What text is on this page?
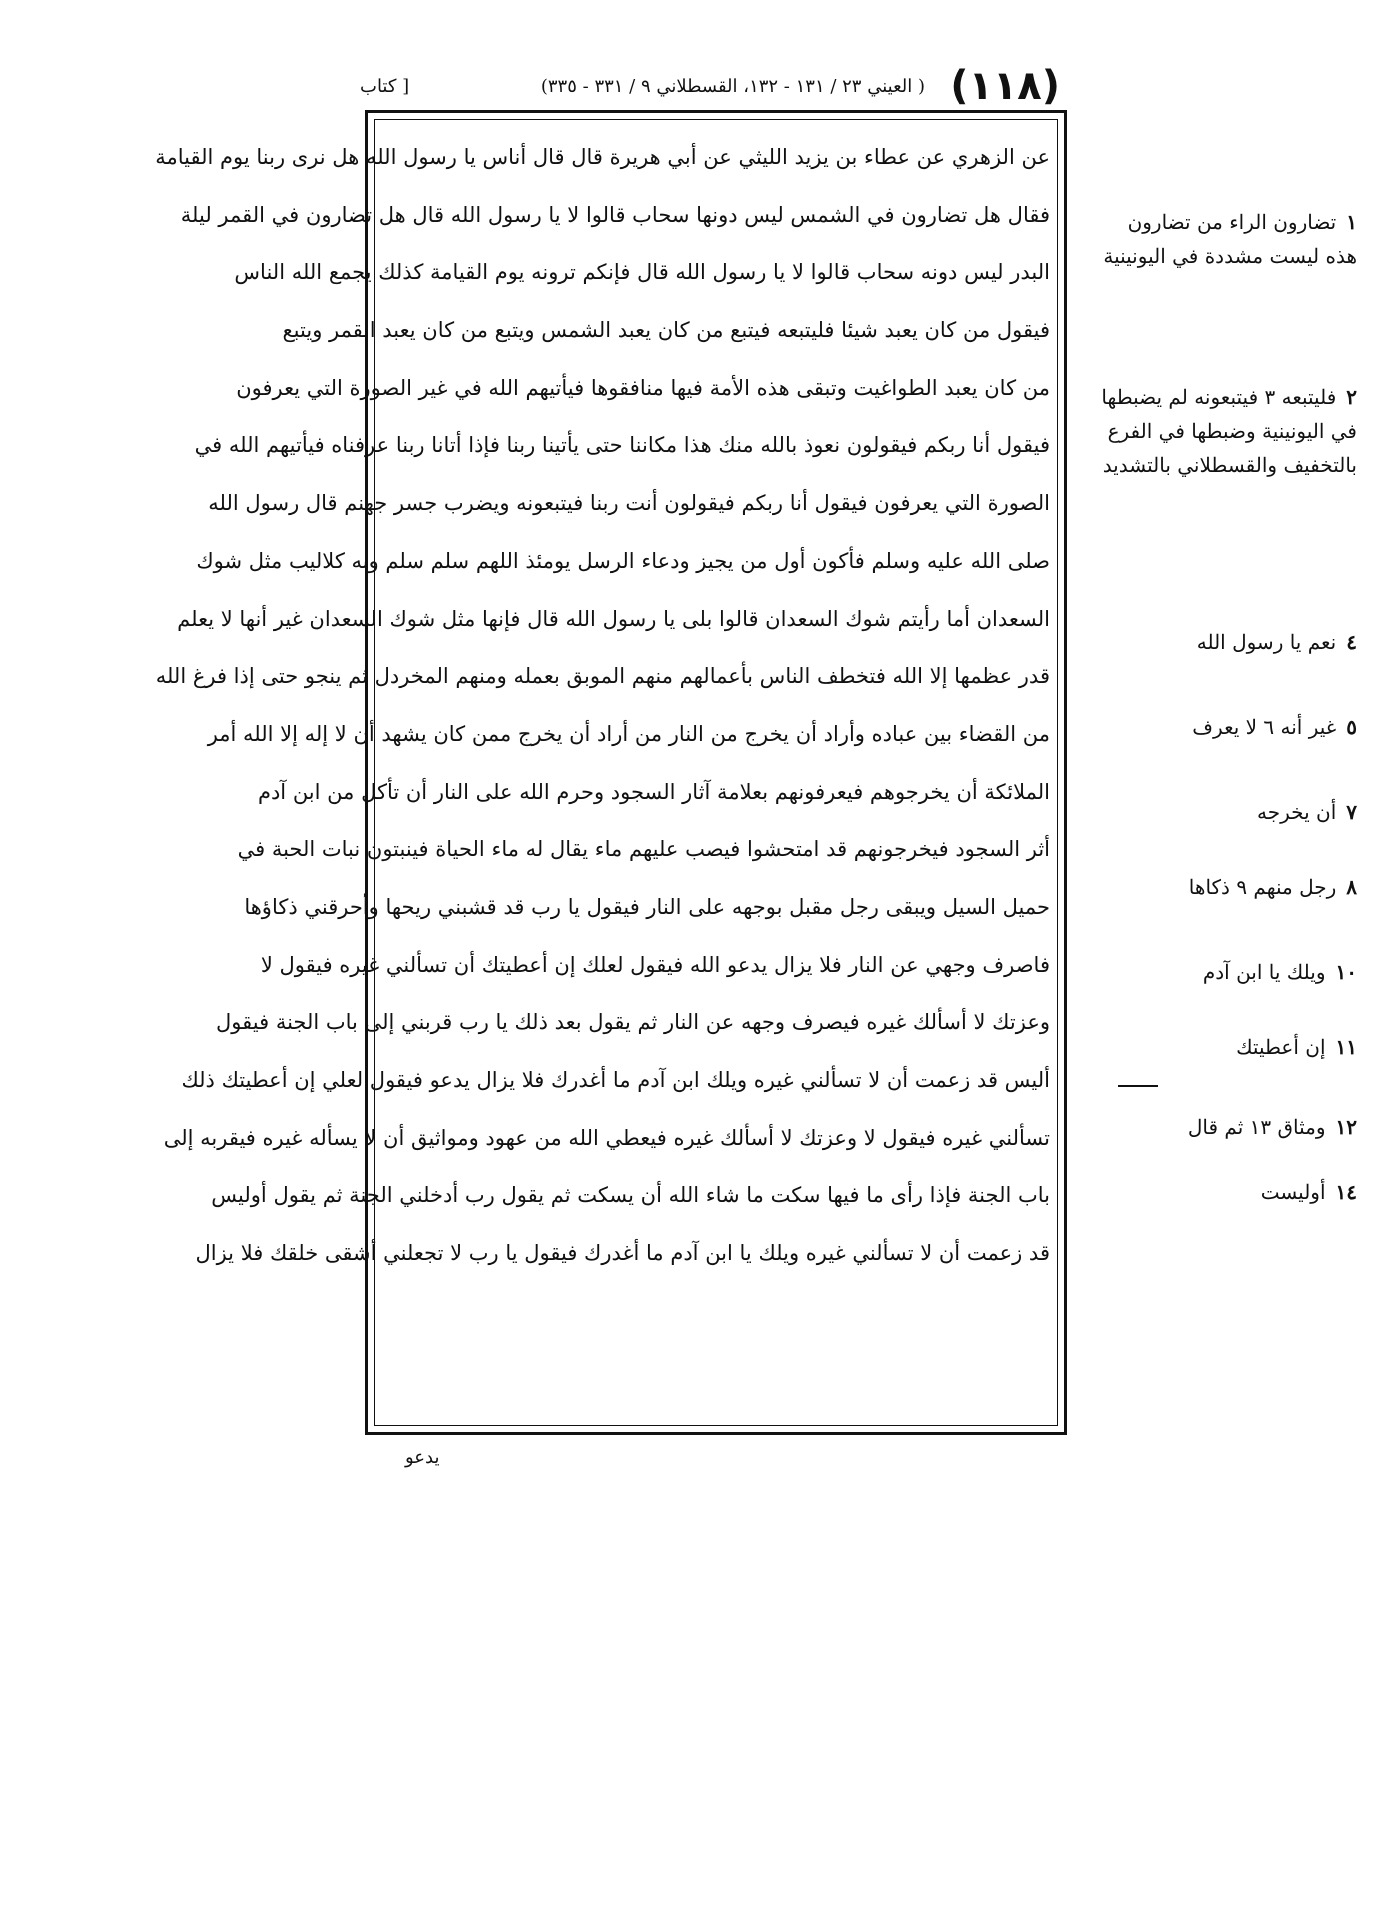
(١١٨)
( العيني ٢٣ / ١٣١ - ١٣٢، القسطلاني ٩ / ٣٣١ - ٣٣٥)
[ كتاب
عن الزهري عن عطاء بن يزيد الليثي عن أبي هريرة قال قال أناس يا رسول الله هل نرى ربنا يوم القيامة
فقال هل تضارون في الشمس ليس دونها سحاب قالوا لا يا رسول الله قال هل تضارون في القمر ليلة
البدر ليس دونه سحاب قالوا لا يا رسول الله قال فإنكم ترونه يوم القيامة كذلك يجمع الله الناس
فيقول من كان يعبد شيئا فليتبعه فيتبع من كان يعبد الشمس ويتبع من كان يعبد القمر ويتبع
من كان يعبد الطواغيت وتبقى هذه الأمة فيها منافقوها فيأتيهم الله في غير الصورة التي يعرفون
فيقول أنا ربكم فيقولون نعوذ بالله منك هذا مكاننا حتى يأتينا ربنا فإذا أتانا ربنا عرفناه فيأتيهم الله في
الصورة التي يعرفون فيقول أنا ربكم فيقولون أنت ربنا فيتبعونه ويضرب جسر جهنم قال رسول الله
صلى الله عليه وسلم فأكون أول من يجيز ودعاء الرسل يومئذ اللهم سلم سلم وبه كلاليب مثل شوك
السعدان أما رأيتم شوك السعدان قالوا بلى يا رسول الله قال فإنها مثل شوك السعدان غير أنها لا يعلم
قدر عظمها إلا الله فتخطف الناس بأعمالهم منهم الموبق بعمله ومنهم المخردل ثم ينجو حتى إذا فرغ الله
من القضاء بين عباده وأراد أن يخرج من النار من أراد أن يخرج ممن كان يشهد أن لا إله إلا الله أمر
الملائكة أن يخرجوهم فيعرفونهم بعلامة آثار السجود وحرم الله على النار أن تأكل من ابن آدم
أثر السجود فيخرجونهم قد امتحشوا فيصب عليهم ماء يقال له ماء الحياة فينبتون نبات الحبة في
حميل السيل ويبقى رجل مقبل بوجهه على النار فيقول يا رب قد قشبني ريحها وأحرقني ذكاؤها
فاصرف وجهي عن النار فلا يزال يدعو الله فيقول لعلك إن أعطيتك أن تسألني غيره فيقول لا
وعزتك لا أسألك غيره فيصرف وجهه عن النار ثم يقول بعد ذلك يا رب قربني إلى باب الجنة فيقول
أليس قد زعمت أن لا تسألني غيره ويلك ابن آدم ما أغدرك فلا يزال يدعو فيقول لعلي إن أعطيتك ذلك
تسألني غيره فيقول لا وعزتك لا أسألك غيره فيعطي الله من عهود ومواثيق أن لا يسأله غيره فيقربه إلى
باب الجنة فإذا رأى ما فيها سكت ما شاء الله أن يسكت ثم يقول رب أدخلني الجنة ثم يقول أوليس
قد زعمت أن لا تسألني غيره ويلك يا ابن آدم ما أغدرك فيقول يا رب لا تجعلني أشقى خلقك فلا يزال
١تضارون الراء من تضارون هذه ليست مشددة في اليونينية
٢فليتبعه ٣ فيتبعونه لم يضبطها في اليونينية وضبطها في الفرع بالتخفيف والقسطلاني بالتشديد
٤نعم يا رسول الله
٥غير أنه ٦ لا يعرف
٧أن يخرجه
٨رجل منهم ٩ ذكاها
١٠ويلك يا ابن آدم
١١إن أعطيتك
١٢ومثاق ١٣ ثم قال
١٤أوليست
يدعو
